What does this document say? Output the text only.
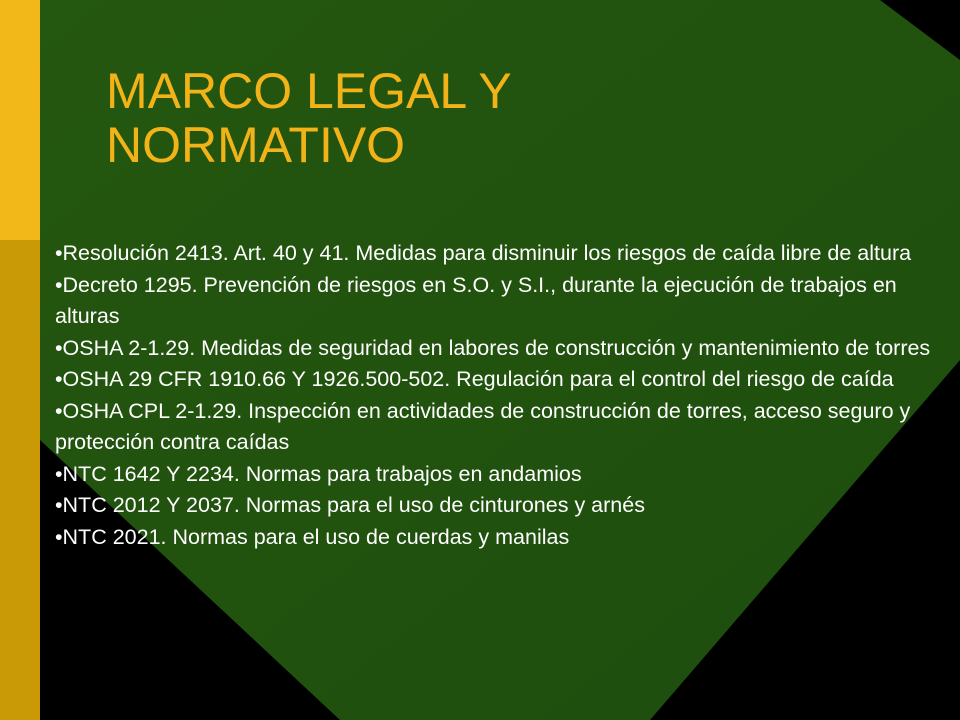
MARCO LEGAL Y
NORMATIVO
•Resolución 2413. Art. 40 y 41. Medidas para disminuir los riesgos de caída libre de altura
•Decreto 1295. Prevención de riesgos en S.O. y S.I., durante la ejecución de trabajos en alturas
•OSHA 2-1.29. Medidas de seguridad en labores de construcción y mantenimiento de torres
•OSHA 29 CFR 1910.66 Y 1926.500-502. Regulación para el control del riesgo de caída
•OSHA CPL 2-1.29. Inspección en actividades de construcción de torres, acceso seguro y protección contra caídas
•NTC 1642 Y 2234. Normas para trabajos en andamios
•NTC 2012 Y 2037. Normas para el uso de cinturones y arnés
•NTC 2021. Normas para el uso de cuerdas y manilas
